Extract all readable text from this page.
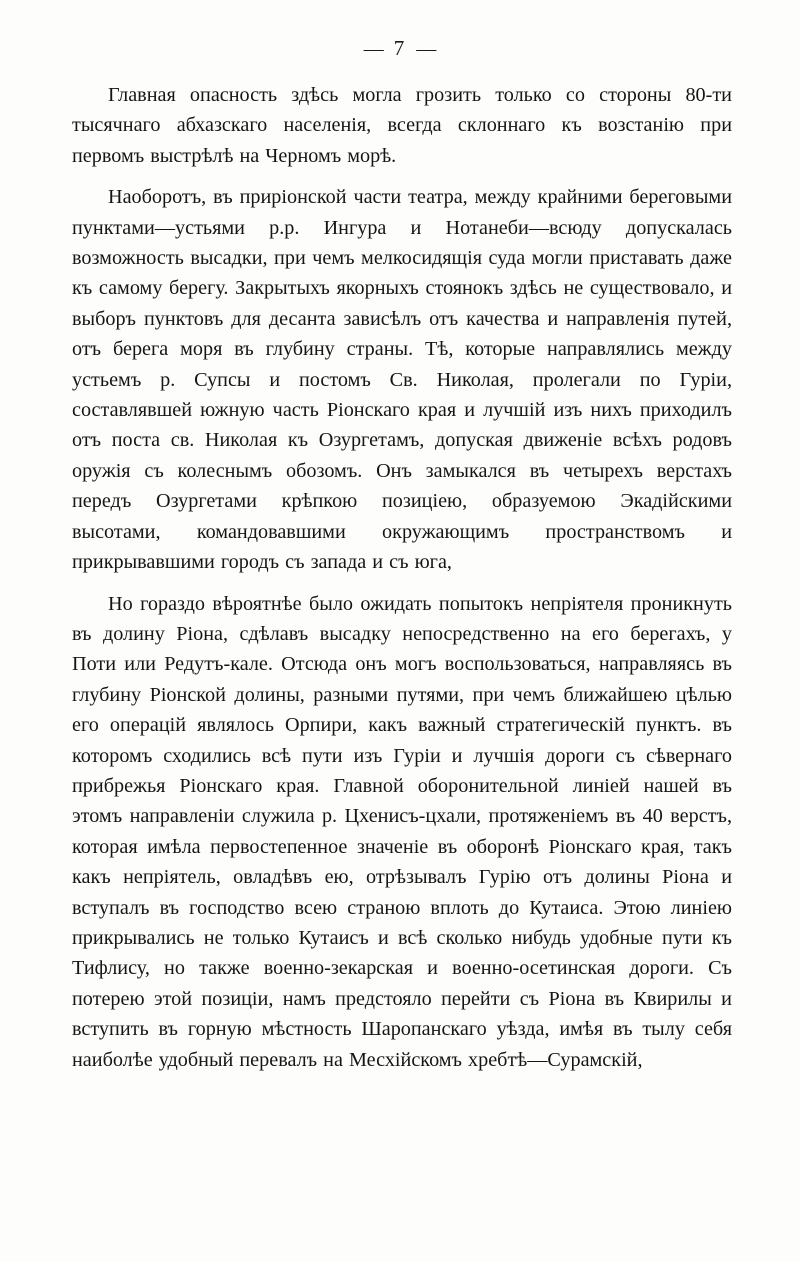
— 7 —

Главная опасность здѣсь могла грозить только со стороны 80-ти тысячнаго абхазскаго населенія, всегда склоннаго къ возстанію при первомъ выстрѣлѣ на Черномъ морѣ.

Наоборотъ, въ приріонской части театра, между крайними береговыми пунктами—устьями р.р. Ингура и Нотанеби—всюду допускалась возможность высадки, при чемъ мелкосидящія суда могли приставать даже къ самому берегу. Закрытыхъ якорныхъ стоянокъ здѣсь не существовало, и выборъ пунктовъ для десанта зависѣлъ отъ качества и направленія путей, отъ берега моря въ глубину страны. Тѣ, которые направлялись между устьемъ р. Супсы и постомъ Св. Николая, пролегали по Гуріи, составлявшей южную часть Ріонскаго края и лучшій изъ нихъ приходилъ отъ поста св. Николая къ Озургетамъ, допуская движеніе всѣхъ родовъ оружія съ колеснымъ обозомъ. Онъ замыкался въ четырехъ верстахъ передъ Озургетами крѣпкою позиціею, образуемою Экадійскими высотами, командовавшими окружающимъ пространствомъ и прикрывавшими городъ съ запада и съ юга,

Но гораздо вѣроятнѣе было ожидать попытокъ непріятеля проникнуть въ долину Ріона, сдѣлавъ высадку непосредственно на его берегахъ, у Поти или Редутъ-кале. Отсюда онъ могъ воспользоваться, направляясь въ глубину Ріонской долины, разными путями, при чемъ ближайшею цѣлью его операцій являлось Орпири, какъ важный стратегическій пунктъ. въ которомъ сходились всѣ пути изъ Гуріи и лучшія дороги съ сѣвернаго прибрежья Ріонскаго края. Главной оборонительной линіей нашей въ этомъ направленіи служила р. Цхенисъ-цхали, протяженіемъ въ 40 верстъ, которая имѣла первостепенное значеніе въ оборонѣ Ріонскаго края, такъ какъ непріятель, овладѣвъ ею, отрѣзывалъ Гурію отъ долины Ріона и вступалъ въ господство всею страною вплоть до Кутаиса. Этою линіею прикрывались не только Кутаисъ и всѣ сколько нибудь удобные пути къ Тифлису, но также военно-зекарская и военно-осетинская дороги. Съ потерею этой позиціи, намъ предстояло перейти съ Ріона въ Квирилы и вступить въ горную мѣстность Шаропанскаго уѣзда, имѣя въ тылу себя наиболѣе удобный перевалъ на Месхійскомъ хребтѣ—Сурамскій,
